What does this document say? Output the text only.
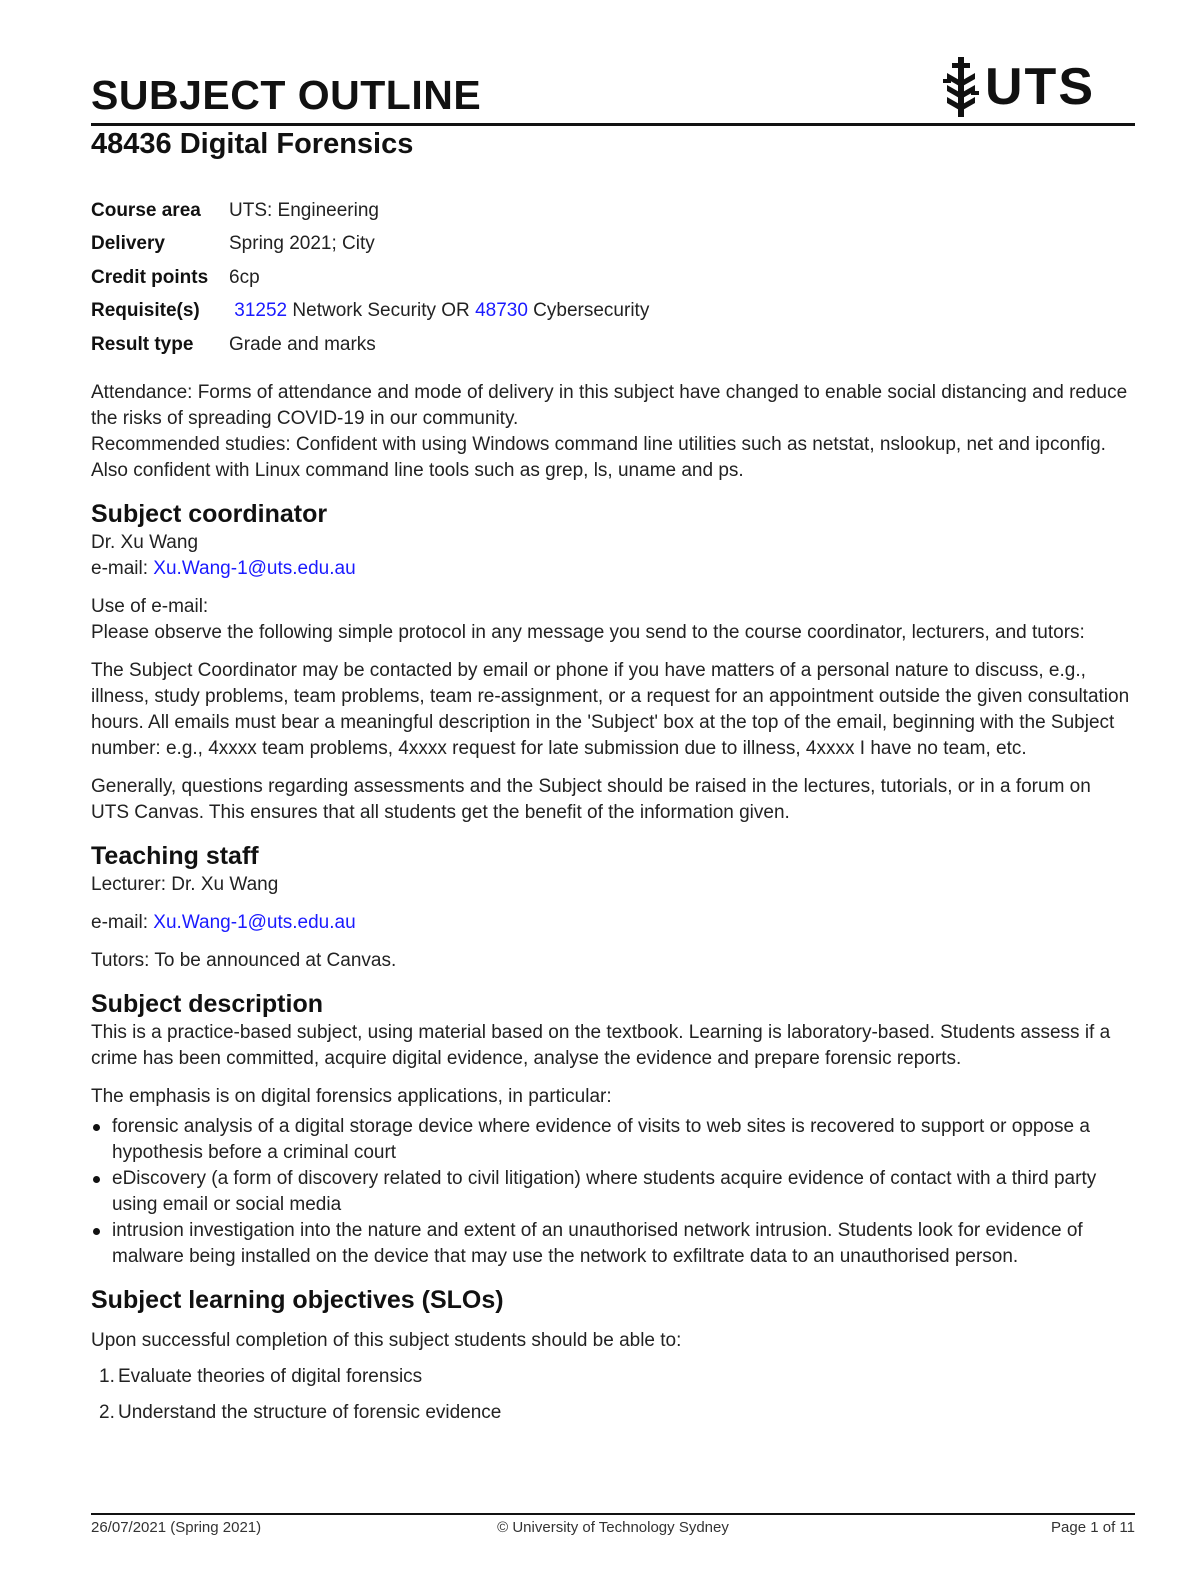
SUBJECT OUTLINE	UTS
48436 Digital Forensics
Course area	UTS: Engineering
Delivery	Spring 2021; City
Credit points	6cp
Requisite(s)	31252 Network Security OR 48730 Cybersecurity
Result type	Grade and marks

Attendance: Forms of attendance and mode of delivery in this subject have changed to enable social distancing and reduce the risks of spreading COVID-19 in our community.

Recommended studies: Confident with using Windows command line utilities such as netstat, nslookup, net and ipconfig. Also confident with Linux command line tools such as grep, ls, uname and ps.

Subject coordinator

Dr. Xu Wang

e-mail: Xu.Wang-1@uts.edu.au

Use of e-mail:

Please observe the following simple protocol in any message you send to the course coordinator, lecturers, and tutors:

The Subject Coordinator may be contacted by email or phone if you have matters of a personal nature to discuss, e.g., illness, study problems, team problems, team re-assignment, or a request for an appointment outside the given consultation hours. All emails must bear a meaningful description in the 'Subject' box at the top of the email, beginning with the Subject number: e.g., 4xxxx team problems, 4xxxx request for late submission due to illness, 4xxxx I have no team, etc.

Generally, questions regarding assessments and the Subject should be raised in the lectures, tutorials, or in a forum on UTS Canvas. This ensures that all students get the benefit of the information given.

Teaching staff

Lecturer: Dr. Xu Wang

e-mail: Xu.Wang-1@uts.edu.au

Tutors: To be announced at Canvas.

Subject description

This is a practice-based subject, using material based on the textbook. Learning is laboratory-based. Students assess if a crime has been committed, acquire digital evidence, analyse the evidence and prepare forensic reports.

The emphasis is on digital forensics applications, in particular:

forensic analysis of a digital storage device where evidence of visits to web sites is recovered to support or oppose a hypothesis before a criminal court
eDiscovery (a form of discovery related to civil litigation) where students acquire evidence of contact with a third party using email or social media
intrusion investigation into the nature and extent of an unauthorised network intrusion. Students look for evidence of malware being installed on the device that may use the network to exfiltrate data to an unauthorised person.
Subject learning objectives (SLOs)

Upon successful completion of this subject students should be able to:

1. Evaluate theories of digital forensics
2. Understand the structure of forensic evidence
26/07/2021 (Spring 2021)	© University of Technology Sydney	Page 1 of 11
